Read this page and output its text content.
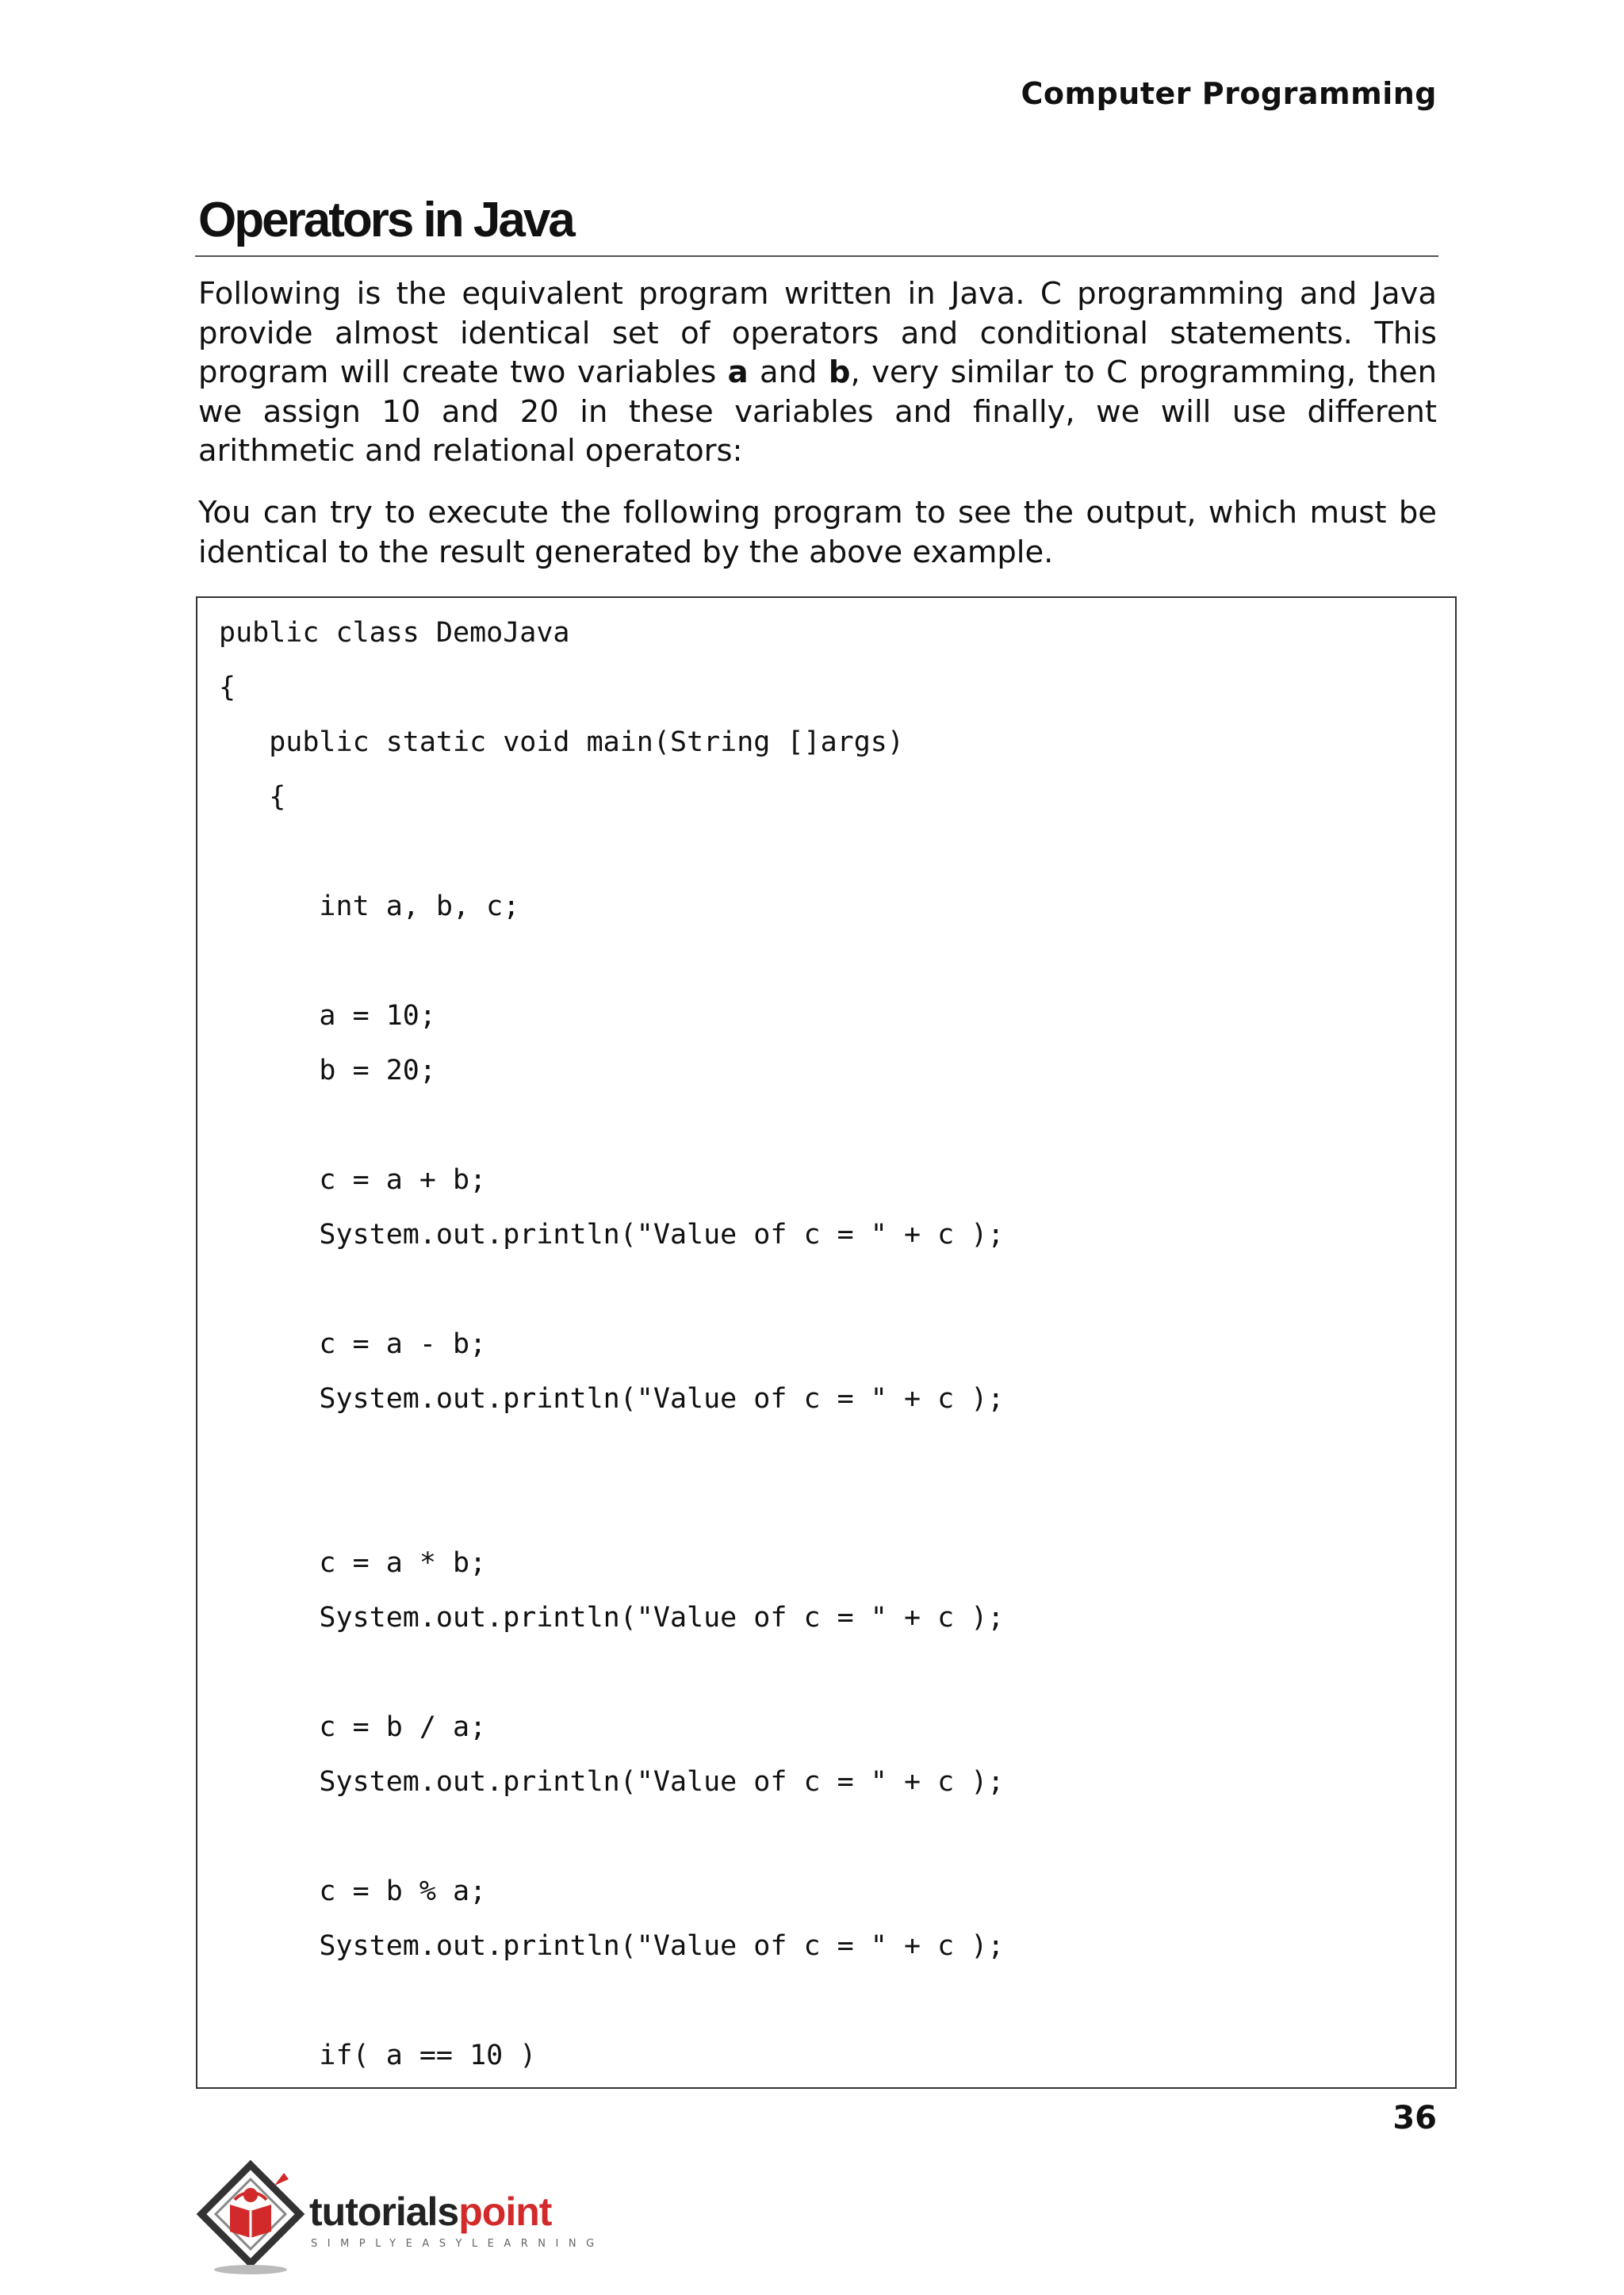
Computer Programming
Operators in Java

Following is the equivalent program written in Java. C programming and Java provide almost identical set of operators and conditional statements. This program will create two variables a and b, very similar to C programming, then we assign 10 and 20 in these variables and finally, we will use different arithmetic and relational operators:

You can try to execute the following program to see the output, which must be identical to the result generated by the above example.

public class DemoJava
{
public static void main(String []args)
{
int a, b, c;
a = 10;
b = 20;
c = a + b;
System.out.println("Value of c = " + c );
c = a - b;
System.out.println("Value of c = " + c );
c = a * b;
System.out.println("Value of c = " + c );
c = b / a;
System.out.println("Value of c = " + c );
c = b % a;
System.out.println("Value of c = " + c );
if( a == 10 )
36
tutorialspoint
SIMPLYEASYLEARNING
